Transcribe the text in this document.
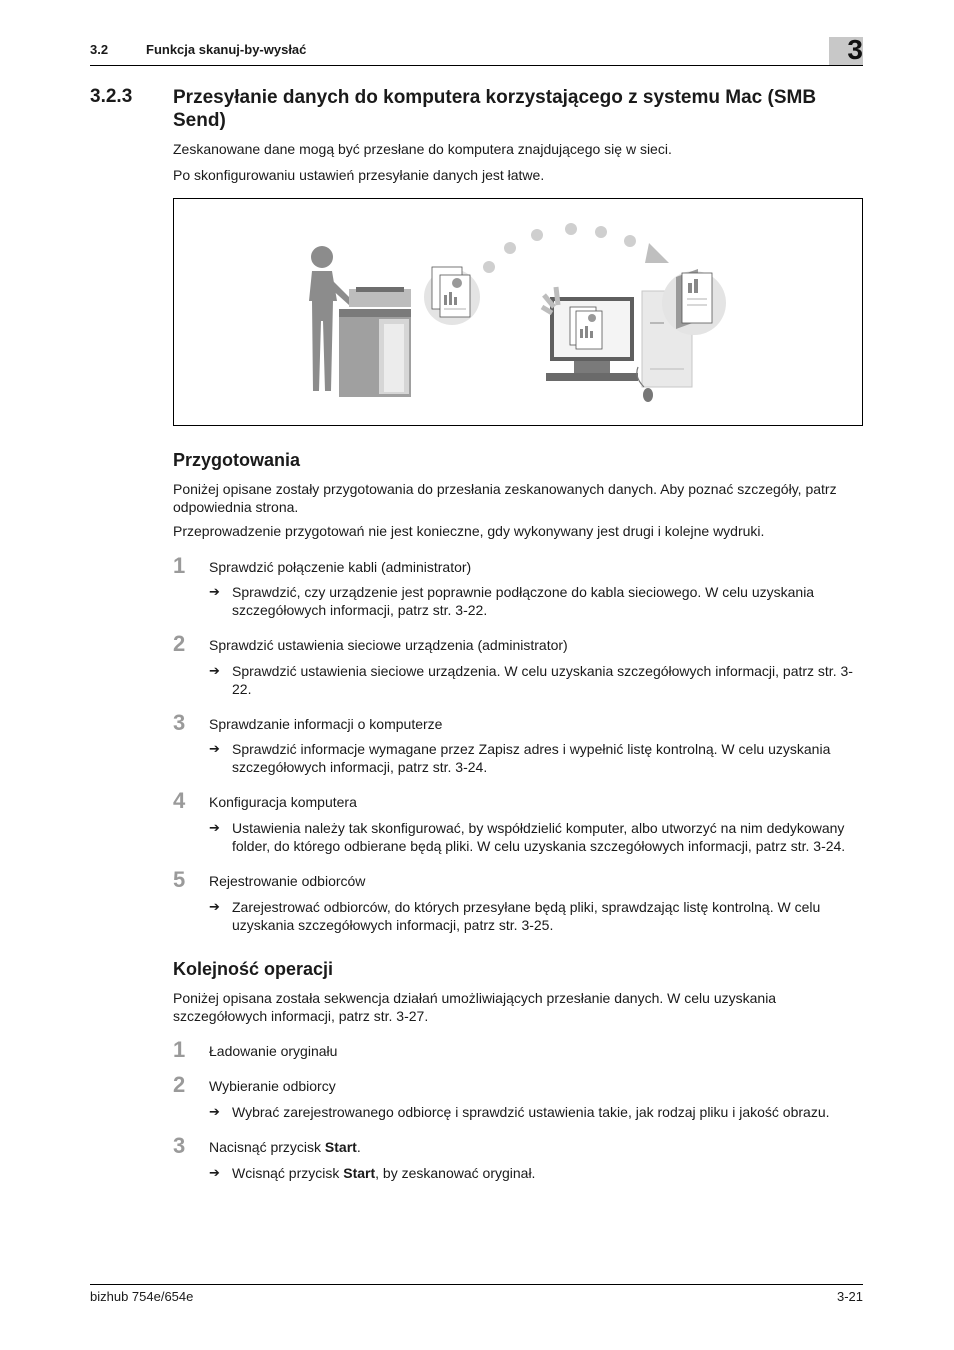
3.2	Funkcja skanuj-by-wysłać	3
3.2.3 Przesyłanie danych do komputera korzystającego z systemu Mac (SMB Send)
Zeskanowane dane mogą być przesłane do komputera znajdującego się w sieci.
Po skonfigurowaniu ustawień przesyłanie danych jest łatwe.
Przygotowania
Poniżej opisane zostały przygotowania do przesłania zeskanowanych danych. Aby poznać szczegóły, patrz odpowiednia strona.
Przeprowadzenie przygotowań nie jest konieczne, gdy wykonywany jest drugi i kolejne wydruki.
1	Sprawdzić połączenie kabli (administrator)
➔ Sprawdzić, czy urządzenie jest poprawnie podłączone do kabla sieciowego. W celu uzyskania szczegółowych informacji, patrz str. 3-22.
2	Sprawdzić ustawienia sieciowe urządzenia (administrator)
➔ Sprawdzić ustawienia sieciowe urządzenia. W celu uzyskania szczegółowych informacji, patrz str. 3-22.
3	Sprawdzanie informacji o komputerze
➔ Sprawdzić informacje wymagane przez Zapisz adres i wypełnić listę kontrolną. W celu uzyskania szczegółowych informacji, patrz str. 3-24.
4	Konfiguracja komputera
➔ Ustawienia należy tak skonfigurować, by współdzielić komputer, albo utworzyć na nim dedykowany folder, do którego odbierane będą pliki. W celu uzyskania szczegółowych informacji, patrz str. 3-24.
5	Rejestrowanie odbiorców
➔ Zarejestrować odbiorców, do których przesyłane będą pliki, sprawdzając listę kontrolną. W celu uzyskania szczegółowych informacji, patrz str. 3-25.
Kolejność operacji
Poniżej opisana została sekwencja działań umożliwiających przesłanie danych. W celu uzyskania szczegółowych informacji, patrz str. 3-27.
1	Ładowanie oryginału
2	Wybieranie odbiorcy
➔ Wybrać zarejestrowanego odbiorcę i sprawdzić ustawienia takie, jak rodzaj pliku i jakość obrazu.
3	Nacisnąć przycisk Start.
➔ Wcisnąć przycisk Start, by zeskanować oryginał.
bizhub 754e/654e	3-21
